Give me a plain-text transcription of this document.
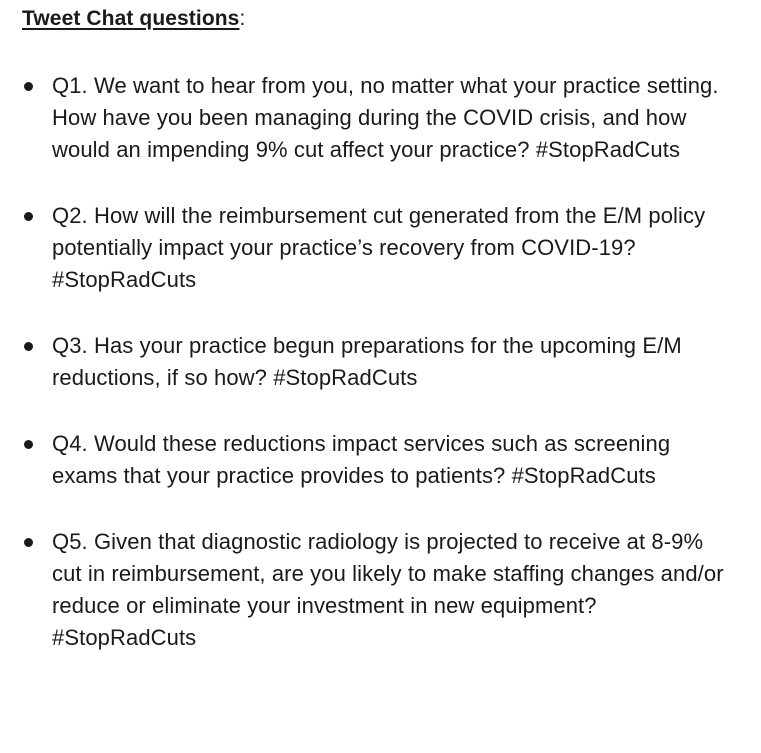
Tweet Chat questions:
Q1. We want to hear from you, no matter what your practice setting. How have you been managing during the COVID crisis, and how would an impending 9% cut affect your practice? #StopRadCuts
Q2. How will the reimbursement cut generated from the E/M policy potentially impact your practice’s recovery from COVID-19? #StopRadCuts
Q3. Has your practice begun preparations for the upcoming E/M reductions, if so how? #StopRadCuts
Q4. Would these reductions impact services such as screening exams that your practice provides to patients? #StopRadCuts
Q5. Given that diagnostic radiology is projected to receive at 8-9% cut in reimbursement, are you likely to make staffing changes and/or reduce or eliminate your investment in new equipment? #StopRadCuts
